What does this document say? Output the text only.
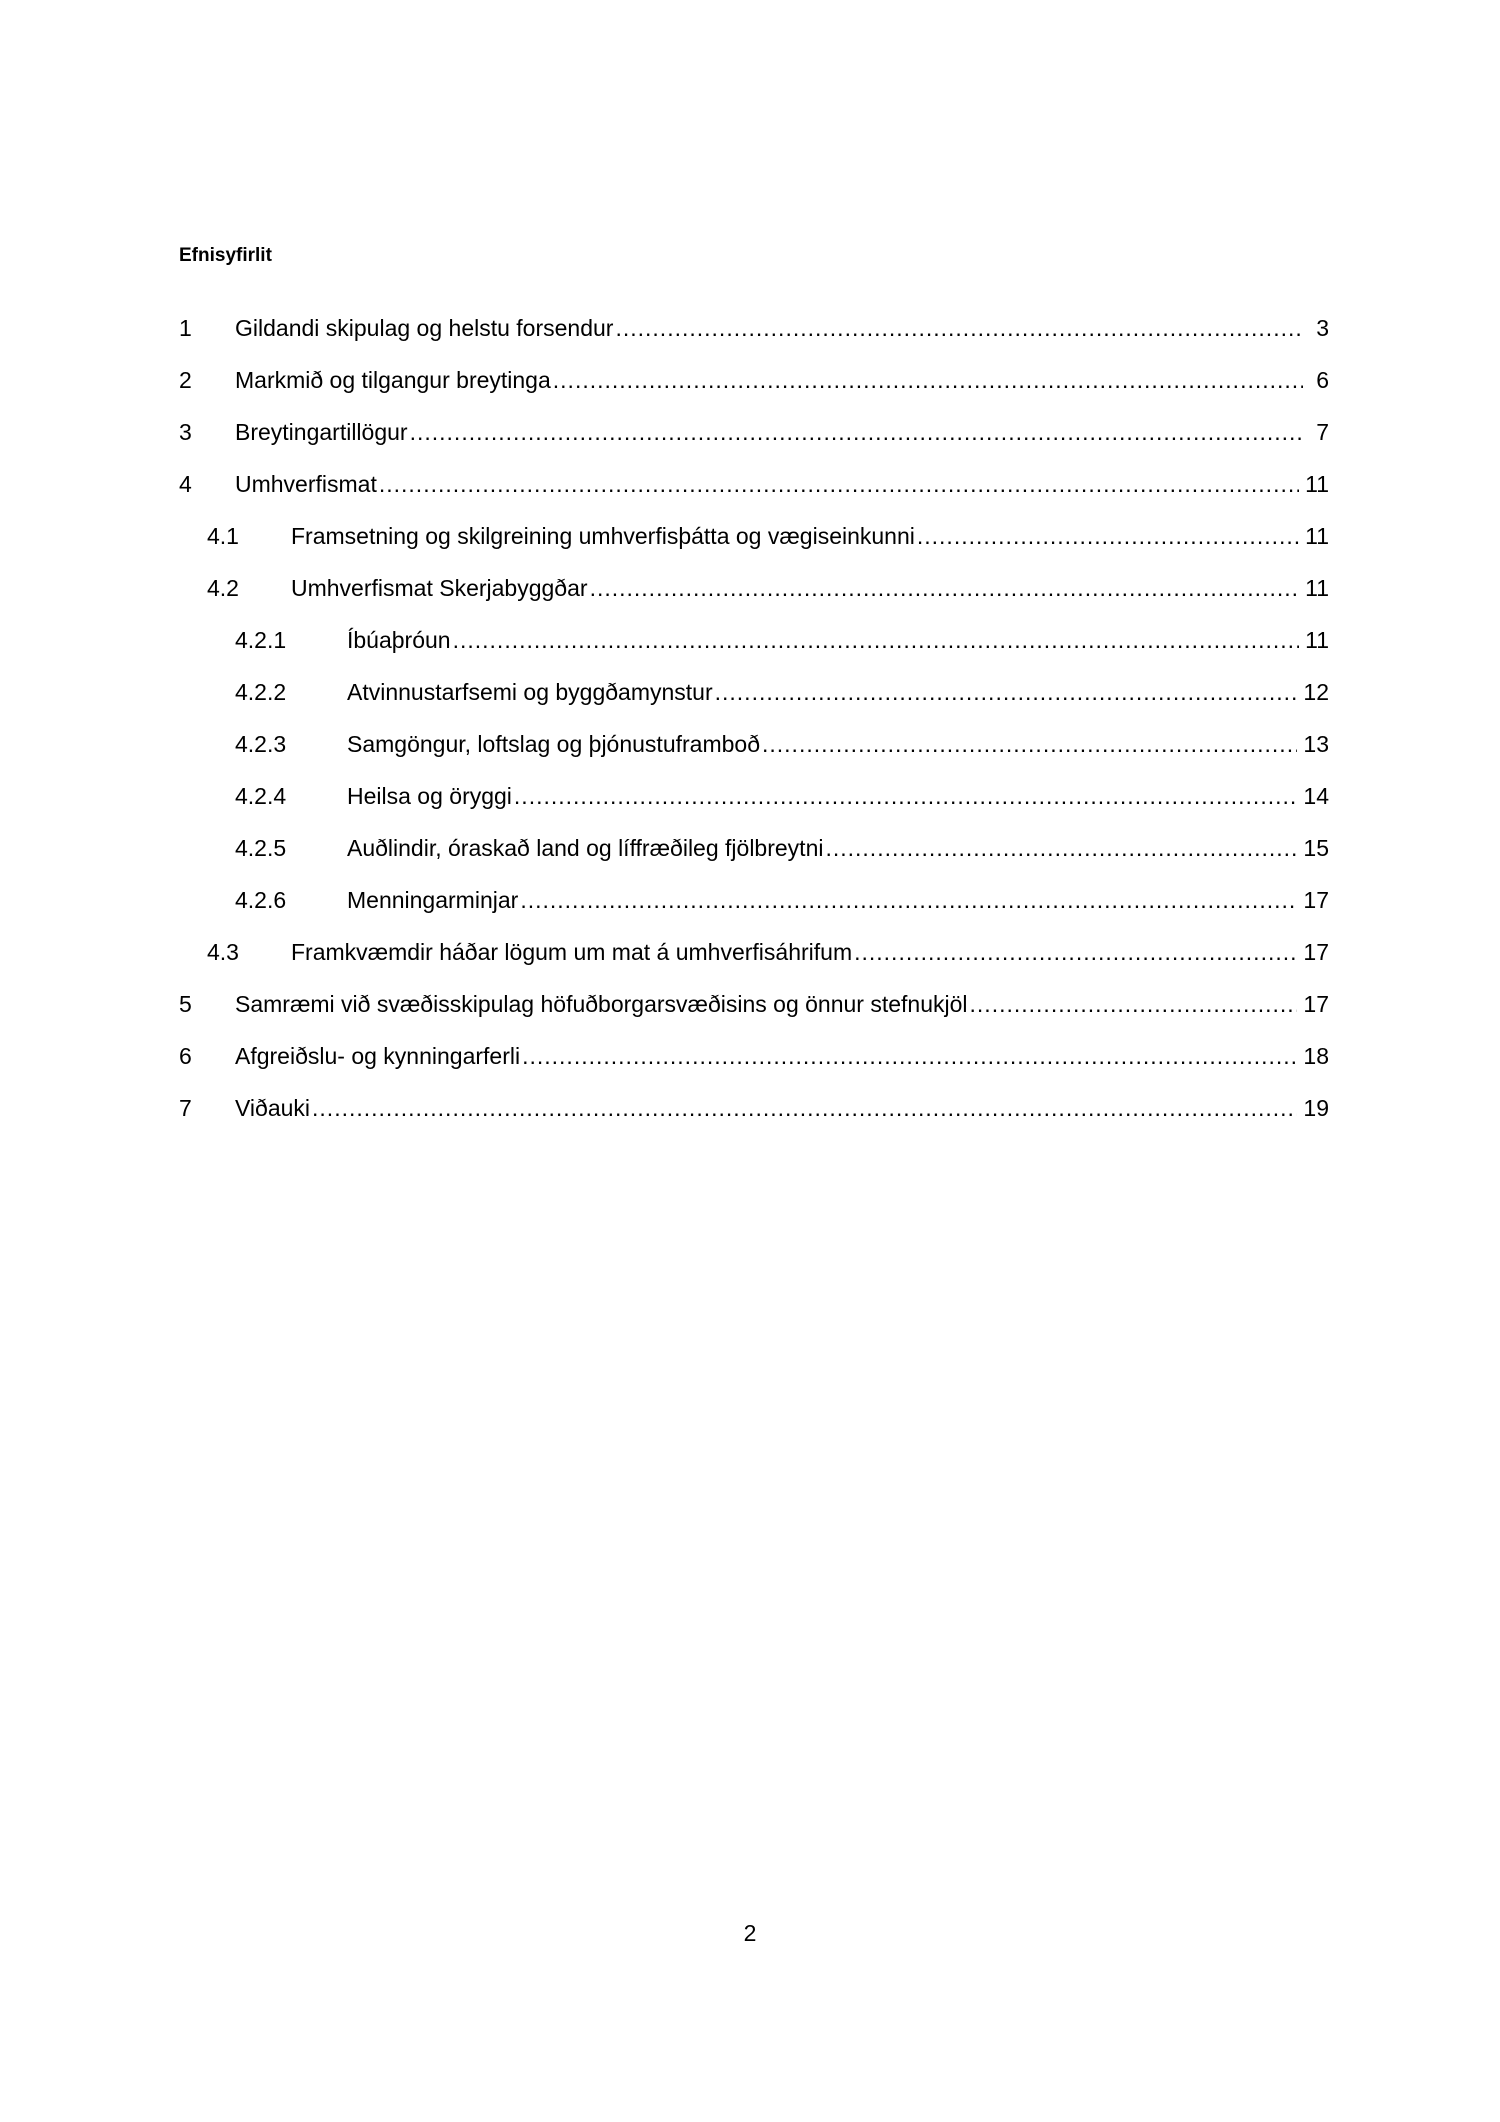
Efnisyfirlit
1	Gildandi skipulag og helstu forsendur .....	3
2	Markmið og tilgangur breytinga .....	6
3	Breytingartillögur .....	7
4	Umhverfismat .....	11
4.1	Framsetning og skilgreining umhverfisþátta og vægiseinkunni .....	11
4.2	Umhverfismat Skerjabyggðar .....	11
4.2.1	Íbúaþróun .....	11
4.2.2	Atvinnustarfsemi og byggðamynstur .....	12
4.2.3	Samgöngur, loftslag og þjónustuframboð .....	13
4.2.4	Heilsa og öryggi .....	14
4.2.5	Auðlindir, óraskað land og líffræðileg fjölbreytni .....	15
4.2.6	Menningarminjar .....	17
4.3	Framkvæmdir háðar lögum um mat á umhverfisáhrifum .....	17
5	Samræmi við svæðisskipulag höfuðborgarsvæðisins og önnur stefnukjöl .....	17
6	Afgreiðslu- og kynningarferli .....	18
7	Viðauki .....	19
2
